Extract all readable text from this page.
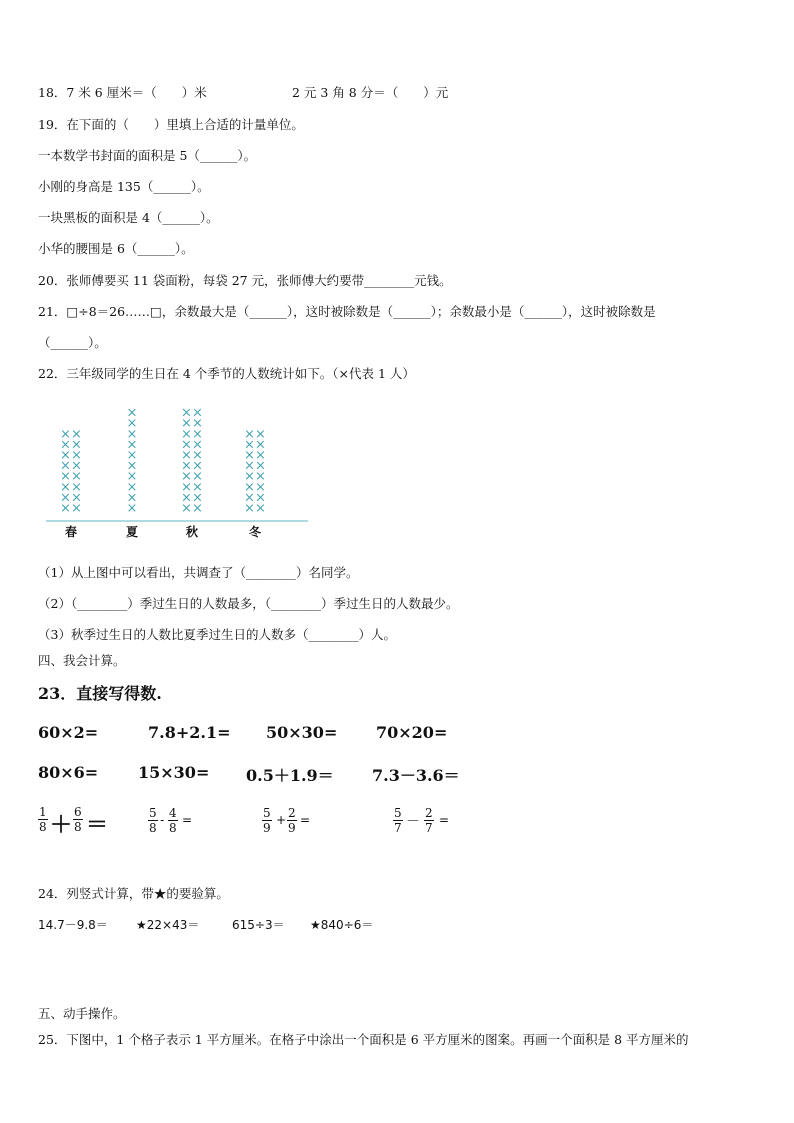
18．7 米 6 厘米＝（　　）米	2 元 3 角 8 分＝（　　）元
19．在下面的（　　）里填上合适的计量单位。
一本数学书封面的面积是 5（______）。
小刚的身高是 135（______）。
一块黑板的面积是 4（______）。
小华的腰围是 6（______）。
20．张师傅要买 11 袋面粉，每袋 27 元，张师傅大约要带________元钱。
21．□÷8＝26……□，余数最大是（______），这时被除数是（______）；余数最小是（______），这时被除数是
（______）。
22．三年级同学的生日在 4 个季节的人数统计如下。（×代表 1 人）
×
×
×
×
×
×
×
×
×
×
×
×
×
×
×
×
×
×
×
×
×
×
×
×
×
×
×
×
×
×
×
×
×
×
×
×
×
×
×
×
×
×
×
×
×
×
×
×
×
×
×
×
×
×
×
×
×
×
×
×
×
×
春	夏	秋	冬
（1）从上图中可以看出，共调查了（________）名同学。
（2）（________）季过生日的人数最多，（________）季过生日的人数最少。
（3）秋季过生日的人数比夏季过生日的人数多（________）人。
四、我会计算。
23．直接写得数.
60×2=	7.8+2.1= 50×30= 70×20=
80×6= 15×30= 0.5＋1.9＝ 7.3－3.6＝
$\frac{1}{8} + \frac{6}{8}$ ＝	$\frac{5}{8} - \frac{4}{8}$ =	$\frac{5}{9} + \frac{2}{9}$ =	$\frac{5}{7} - \frac{2}{7}$ =
24．列竖式计算，带★的要验算。
14.7－9.8＝ ★22×43＝	615÷3＝ ★840÷6＝
五、动手操作。
25．下图中，1 个格子表示 1 平方厘米。在格子中涂出一个面积是 6 平方厘米的图案。再画一个面积是 8 平方厘米的
